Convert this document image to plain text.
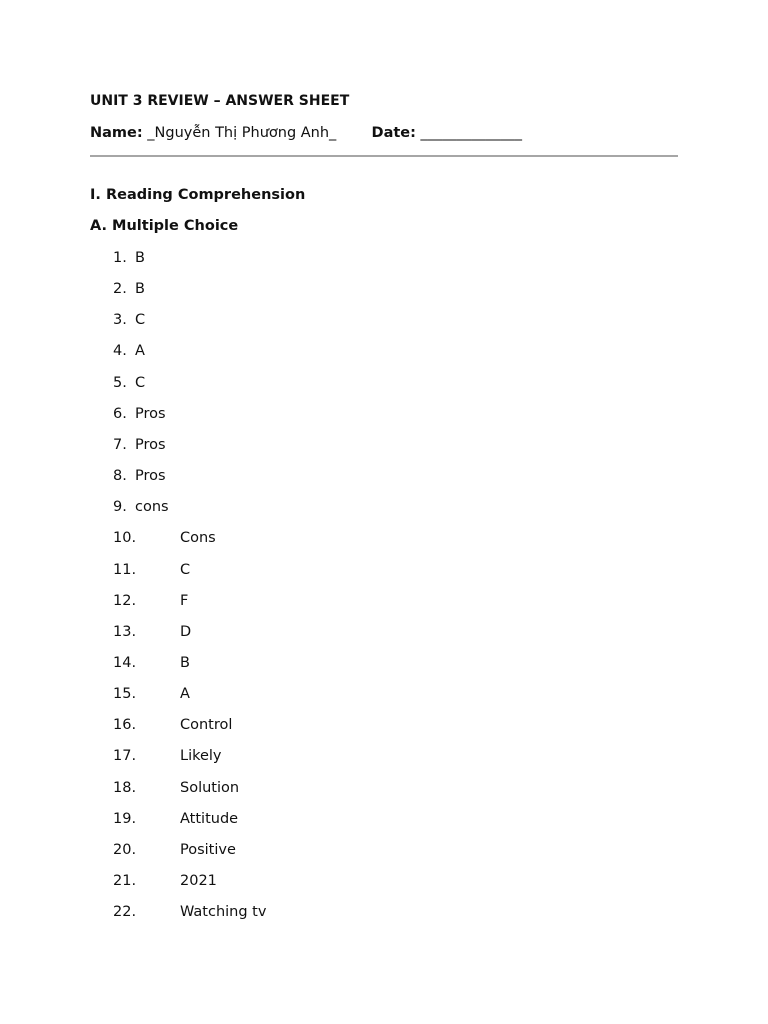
UNIT 3 REVIEW – ANSWER SHEET
Name: _Nguyễn Thị Phương Anh_ Date: ______________
I. Reading Comprehension
A. Multiple Choice
1. B
2. B
3. C
4. A
5. C
6. Pros
7. Pros
8. Pros
9. cons
10.	Cons
11.	C
12.	F
13.	D
14.	B
15.	A
16.	Control
17.	Likely
18.	Solution
19.	Attitude
20.	Positive
21.	2021
22.	Watching tv
